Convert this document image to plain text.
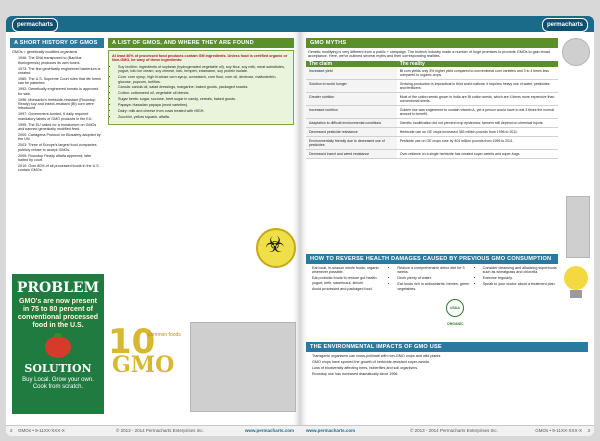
permacharts
A SHORT HISTORY OF GMOS

GMOs = genetically modified organisms

• 1946: The DNA transposed to (Bacillus thuringiensis) produces its own toxins.
• 1973: The first genetically engineered bacterium is created.
• 1980: The U.S. Supreme Court rules that life forms can be patented.
• 1992: Genetically engineered tomato is approved for sale.
• 1996: Monsanto's herbicide-resistant (Roundup Ready) soy and insect-resistant (Bt) corn were introduced.
• 1997: Government-funded, 6 daily required mandatory labels of GMO products in the EU.
• 1999: The EU called for a moratorium on GMOs and banned genetically modified feed.
• 2000: Cartagena Protocol on Biosafety adopted by the UN.
• 2003: Three of Europe's largest food companies publicly refuse to accept GMOs.
• 2005: Roundup Ready alfalfa approved; later halted by court.
• 2010: Over 80% of all processed foods in the U.S. contain GMOs.
PROBLEM
GMO's are now present in 75 to 80 percent of conventional processed food in the U.S.
SOLUTION
Buy Local. Grow your own. Cook from scratch.
A LIST OF GMOS, AND WHERE THEY ARE FOUND

At least 80% of processed food products contain GM ingredients. Unless food is certified organic or Non-GMO, be wary of these ingredients:

• Soy lecithin: ingredients of soybean (hydrogenated vegetable oil), soy flour, soy milk, meat substitutes, yogurt, tofu ice cream, soy cheese, tofu, tempeh, edamame, soy protein isolate.
• Corn: corn syrup, high fructose corn syrup, cornstarch, corn flour, corn oil, dextrose, maltodextrin, glucose, popcorn, tortillas.
• Canola: canola oil, salad dressings, margarine, baked goods, packaged snacks.
• Cotton: cottonseed oil, vegetable oil blends.
• Sugar beets: sugar, sucrose, beet sugar in candy, cereals, baked goods.
• Papaya: Hawaiian papaya (most varieties).
• Dairy: milk and cheese from cows treated with rBGH.
• Zucchini, yellow squash, alfalfa.
☣
10
common foods
GMO
2 GMOs • 9-11XX-XXX-X	© 2013 - 2014 Permacharts Enterprises Inc.	www.permacharts.com
permacharts
GMO MYTHS
Genetic modifying is very different from a public + campaign. The biotech industry made a number of huge promises to promote GMOs to gain broad acceptance. Here, we've outlined several myths and their corresponding realities.
The claim	The reality
Increased yield	Bt corn yields only 3% higher yield compared to conventional corn varieties and 3 to 4 times less compared to organic crops.
Solution to world hunger	Growing-production is impractical in third world nations; it requires heavy use of water, pesticides and fertilizers.
Greater nutrition	Most of the cotton seeds grown in India are Bt cotton seeds, which are 4 times more expensive than conventional seeds.
Increased nutrition	Golden rice was engineered to contain vitamin A, yet a person would have to eat 3 times the normal amount to benefit.
Adaptation to difficult environmental conditions	Genetic modification did not prevent crop epidemics; farmers still depend on chemical inputs.
Decreased pesticide resistance	Herbicide use on GE crops increased 383 million pounds from 1996 to 2011.
Environmentally friendly due to decreased use of pesticides	Pesticide use on GE crops rose by 404 million pounds from 1996 to 2011.
Decreased insect and weed resistance	Over-reliance on a single herbicide has created super-weeds and super-bugs.
HOW TO REVERSE HEALTH DAMAGES CAUSED BY PREVIOUS GMO CONSUMPTION
• Eat local, in-season whole foods, organic whenever possible.
• Eat probiotic foods to restore gut health: yogurt, kefir, sauerkraut, kimchi.
• Avoid processed and packaged food.
• Reduce a comprehensive detox diet for 3 weeks.
• Drink plenty of water.
• Eat foods rich in antioxidants: berries, green vegetables.
• Consider cleansing and alkalizing superfoods such as wheatgrass and chlorella.
• Exercise regularly.
• Speak to your doctor about a treatment plan.
USDA ORGANIC
THE ENVIRONMENTAL IMPACTS OF GMO USE
• Transgenic organisms can cross-pollinate with non-GMO crops and wild plants.
• GMO crops have spurred the growth of herbicide-resistant super-weeds.
• Loss of biodiversity affecting bees, butterflies and soil organisms.
• Roundup use has increased dramatically since 1996.
www.permacharts.com	© 2013 - 2014 Permacharts Enterprises Inc.	GMOs • 9-11XX-XXX-X 3
